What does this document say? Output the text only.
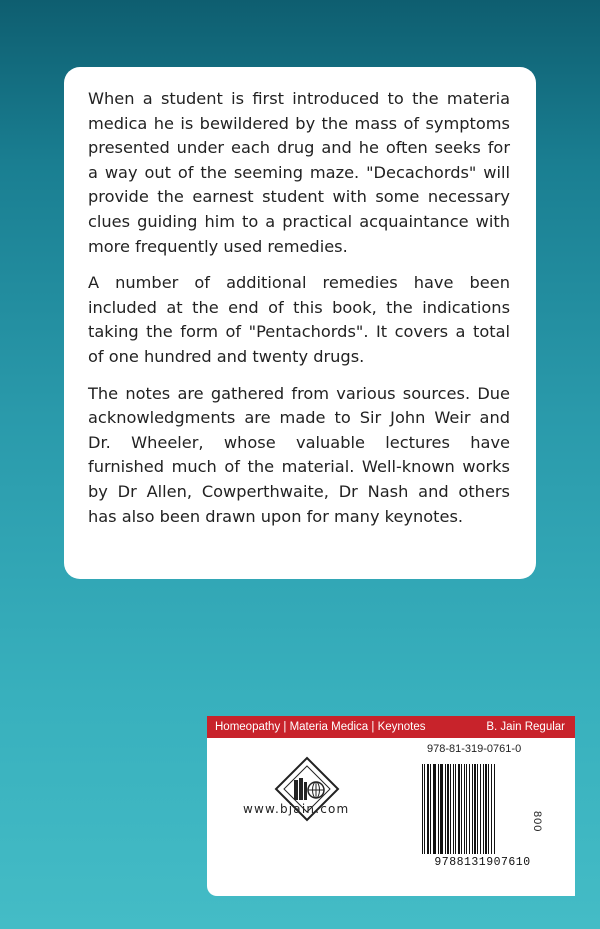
When a student is first introduced to the materia medica he is bewildered by the mass of symptoms presented under each drug and he often seeks for a way out of the seeming maze. "Decachords" will provide the earnest student with some necessary clues guiding him to a practical acquaintance with more frequently used remedies.

A number of additional remedies have been included at the end of this book, the indications taking the form of "Pentachords". It covers a total of one hundred and twenty drugs.

The notes are gathered from various sources. Due acknowledgments are made to Sir John Weir and Dr. Wheeler, whose valuable lectures have furnished much of the material. Well-known works by Dr Allen, Cowperthwaite, Dr Nash and others has also been drawn upon for many keynotes.

Homeopathy | Materia Medica | Keynotes	B. Jain Regular
www.bjain.com
978-81-319-0761-0
9788131907610
800
